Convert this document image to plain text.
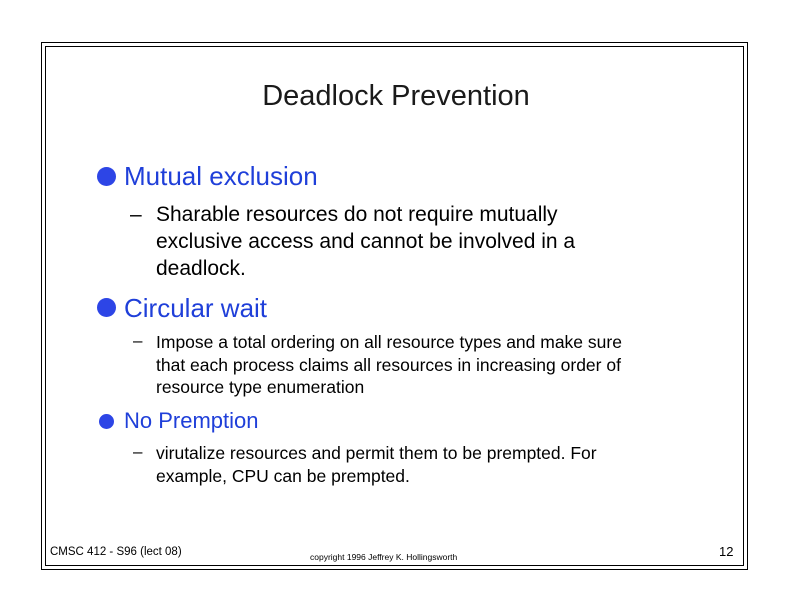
Deadlock Prevention
Mutual exclusion
– Sharable resources do not require mutually
exclusive access and cannot be involved in a
deadlock.
Circular wait
– Impose a total ordering on all resource types and make sure
that each process claims all resources in increasing order of
resource type enumeration
No Premption
– virutalize resources and permit them to be prempted. For
example, CPU can be prempted.
CMSC 412 - S96 (lect 08)	copyright 1996 Jeffrey K. Hollingsworth	12
